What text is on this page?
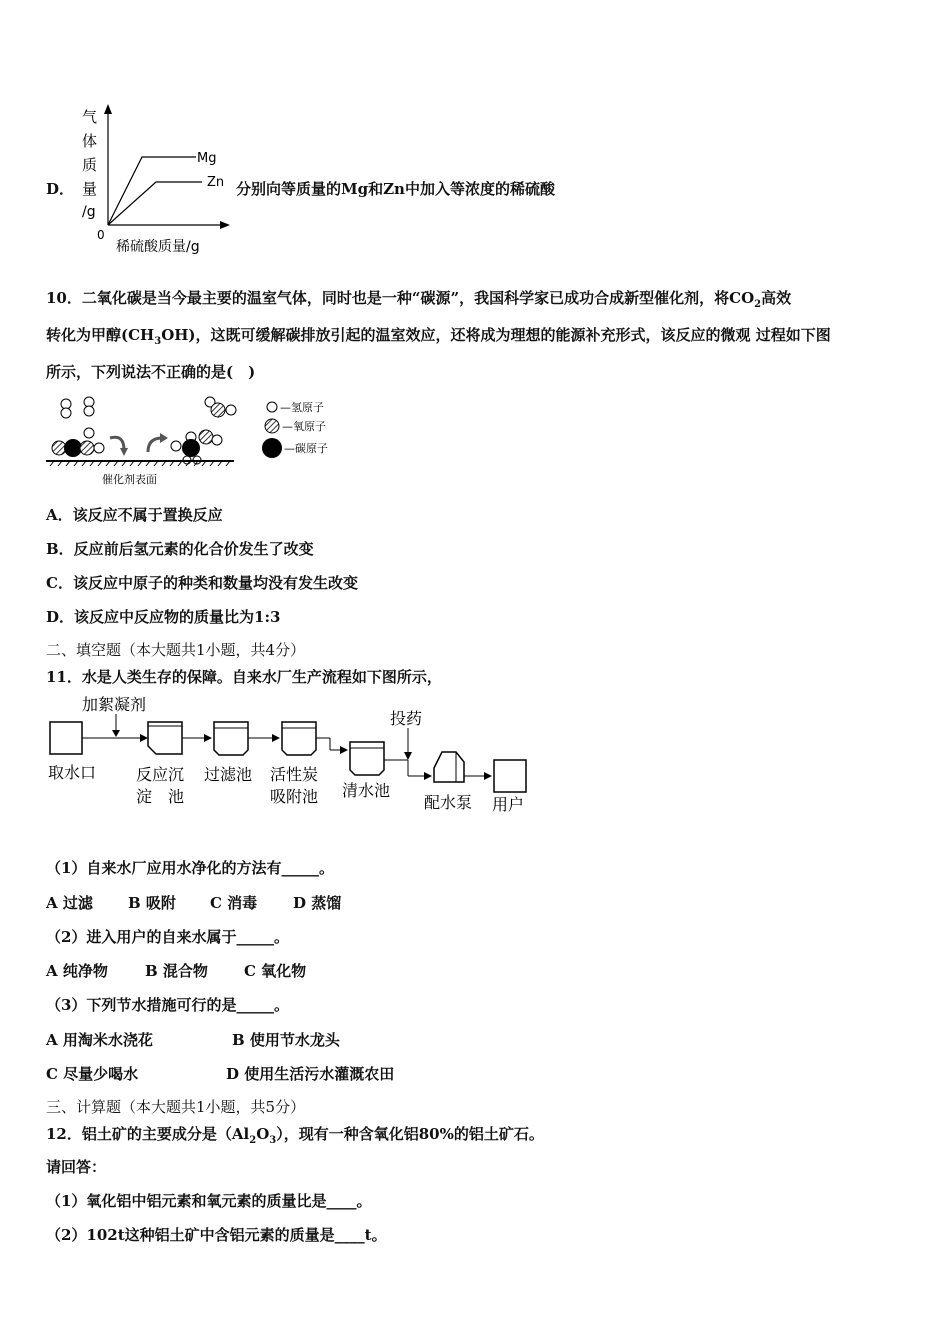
D．
气
体
质
量
/g
Mg
Zn
0
稀硫酸质量/g
分别向等质量的Mg和Zn中加入等浓度的稀硫酸
10．二氧化碳是当今最主要的温室气体，同时也是一种“碳源”，我国科学家已成功合成新型催化剂，将$CO_2$高效
转化为甲醇$(CH_3OH)$，这既可缓解碳排放引起的温室效应，还将成为理想的能源补充形式，该反应的微观 过程如下图
所示，下列说法不正确的是(　)
催化剂表面
—氢原子
—氧原子
—碳原子
A．该反应不属于置换反应
B．反应前后氢元素的化合价发生了改变
C．该反应中原子的种类和数量均没有发生改变
D．该反应中反应物的质量比为1:3
二、填空题（本大题共1小题，共4分）
11．水是人类生存的保障。自来水厂生产流程如下图所示，
加絮凝剂
取水口 反应沉
淀　池
过滤池 活性炭
吸附池 清水池
投药
配水泵 用户
（1）自来水厂应用水净化的方法有_____。
A 过滤 B 吸附 C 消毒 D 蒸馏
（2）进入用户的自来水属于_____。
A 纯净物 B 混合物 C 氧化物
（3）下列节水措施可行的是_____。
A 用淘米水浇花	B 使用节水龙头
C 尽量少喝水	D 使用生活污水灌溉农田
三、计算题（本大题共1小题，共5分）
12．铝土矿的主要成分是$(Al_2O_3)$，现有一种含氧化铝80%的铝土矿石。
请回答：
（1）氧化铝中铝元素和氧元素的质量比是____。
（2）102t这种铝土矿中含铝元素的质量是____t。
